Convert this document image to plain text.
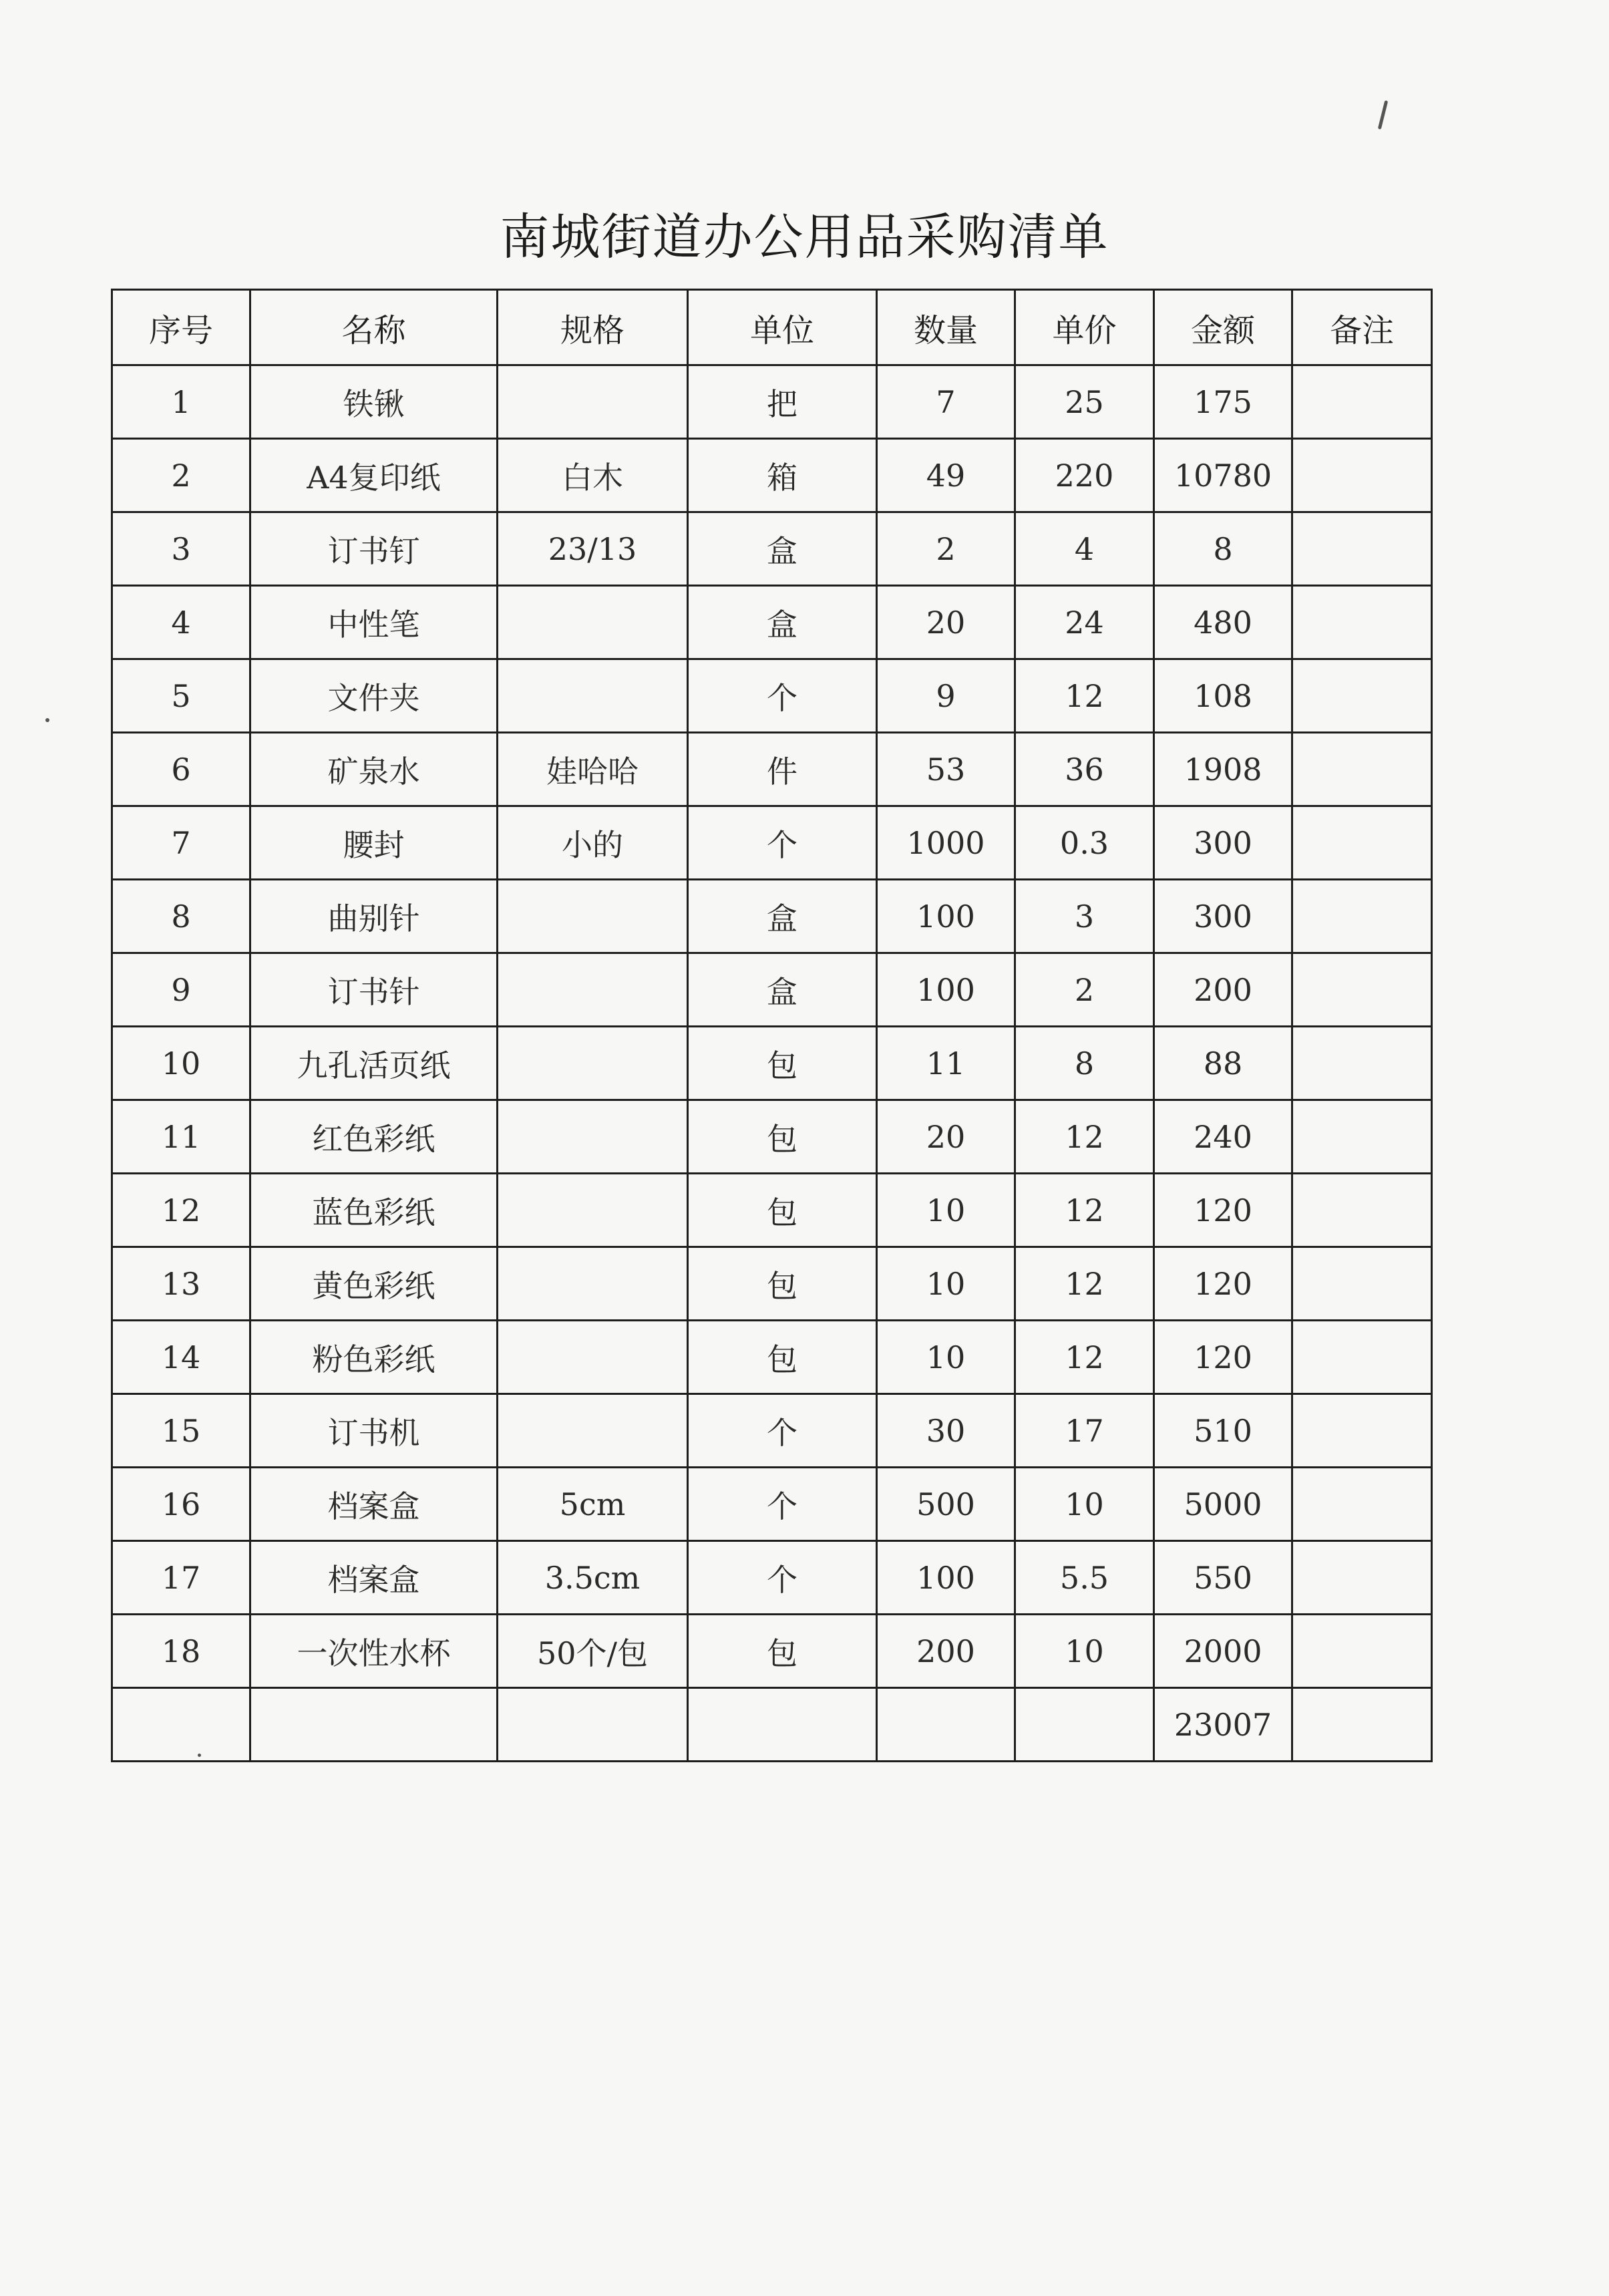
南城街道办公用品采购清单
序号	名称	规格	单位	数量	单价	金额	备注
1	铁锹		把	7	25	175	
2	A4复印纸	白木	箱	49	220	10780	
3	订书钉	23/13	盒	2	4	8	
4	中性笔		盒	20	24	480	
5	文件夹		个	9	12	108	
6	矿泉水	娃哈哈	件	53	36	1908	
7	腰封	小的	个	1000	0.3	300	
8	曲别针		盒	100	3	300	
9	订书针		盒	100	2	200	
10	九孔活页纸		包	11	8	88	
11	红色彩纸		包	20	12	240	
12	蓝色彩纸		包	10	12	120	
13	黄色彩纸		包	10	12	120	
14	粉色彩纸		包	10	12	120	
15	订书机		个	30	17	510	
16	档案盒	5cm	个	500	10	5000	
17	档案盒	3.5cm	个	100	5.5	550	
18	一次性水杯	50个/包	包	200	10	2000	
						23007	
